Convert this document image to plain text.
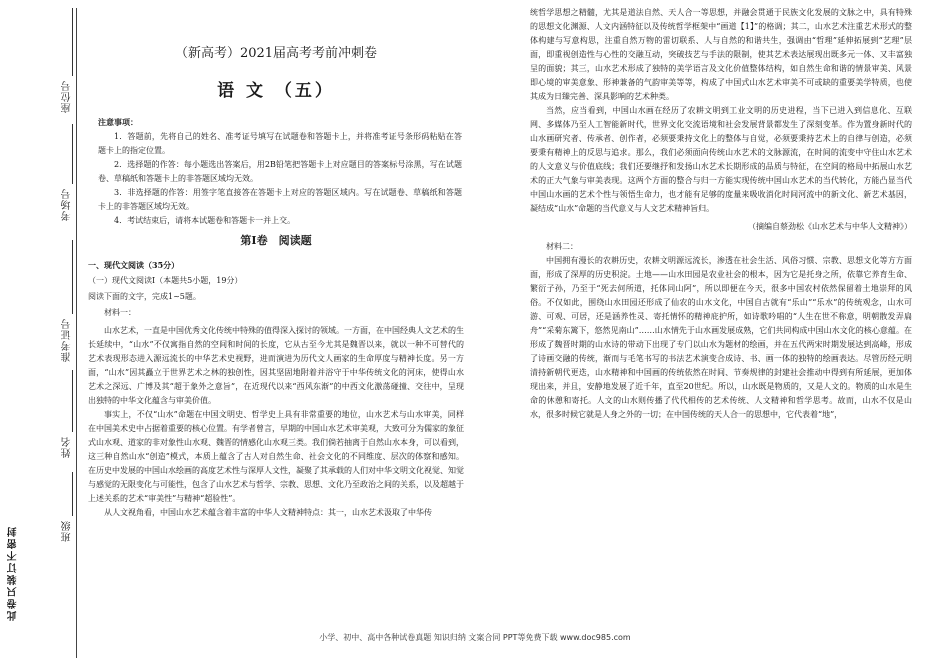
座位号
考场号
准考证号
姓名
班级
此卷只装订不密封
（新高考）2021届高考考前冲刺卷
语 文 （五）
注意事项：

1．答题前，先将自己的姓名、准考证号填写在试题卷和答题卡上，并将准考证号条形码粘贴在答题卡上的指定位置。

2．选择题的作答：每小题选出答案后，用2B铅笔把答题卡上对应题目的答案标号涂黑，写在试题卷、草稿纸和答题卡上的非答题区域均无效。

3．非选择题的作答：用签字笔直接答在答题卡上对应的答题区域内。写在试题卷、草稿纸和答题卡上的非答题区域均无效。

4．考试结束后，请将本试题卷和答题卡一并上交。

第Ⅰ卷　阅读题
一、现代文阅读（35分）
（一）现代文阅读Ⅰ（本题共5小题，19分）
阅读下面的文字，完成1~5题。
材料一：

山水艺术，一直是中国优秀文化传统中特殊的值得深入探讨的领域。一方面，在中国经典人文艺术的生长延续中，“山水”不仅寓指自然的空间和时间的长度，它从古至今尤其是魏晋以来，就以一种不可替代的艺术表现形态进入源远流长的中华艺术史视野，进而演进为历代文人画家的生命厚度与精神长度。另一方面，“山水”因其矗立于世界艺术之林的独创性，因其坚固地附着并浴守于中华传统文化的河床，使得山水艺术之深远、广博及其“超于象外之意旨”，在近现代以来“西风东渐”的中西文化激荡碰撞、交往中，呈现出独特的中华文化蕴含与审美价值。

事实上，不仅“山水”命题在中国文明史、哲学史上具有非常重要的地位，山水艺术与山水审美，同样在中国美术史中占据着重要的核心位置。有学者曾言，早期的中国山水艺术审美观，大致可分为儒家的象征式山水观、道家的非对象性山水观、魏晋的情感化山水观三类。我们倘若抽离于自然山水本身，可以看到，这三种自然山水“创造”模式，本质上蕴含了古人对自然生命、社会文化的不同维度、层次的体察和感知。在历史中发展的中国山水绘画的高度艺术性与深厚人文性，凝聚了其承载的人们对中华文明文化视觉、知觉与感觉的无限变化与可能性，包含了山水艺术与哲学、宗教、思想、文化乃至政治之间的关系，以及超越于上述关系的艺术“审美性”与精神“超验性”。

从人文视角看，中国山水艺术蕴含着丰富的中华人文精神特点：其一，山水艺术汲取了中华传

统哲学思想之精髓，尤其是道法自然、天人合一等思想，并融会贯通于民族文化发展的文脉之中，具有特殊的思想文化渊源、人文内涵特征以及传统哲学框架中“画道【1】”的格调；其二，山水艺术注重艺术形式的整体构建与写意构思，注重自然万物的雷切联系、人与自然的和谐共生，强调由“哲理”延伸拓展到“艺理”层面，即重视创造性与心性的交融互动，突破技艺与手法的限制，使其艺术表达展现出既多元一体、又丰富独呈的面貌；其三，山水艺术形成了独特的美学语言及文化价值整体结构，如自然生命和谐的情景审美、风景即心境的审美意象、形神兼备的气韵审美等等，构成了中国式山水艺术审美不可或缺的重要美学特质，也使其成为日臻完善、深具影响的艺术种类。

当然，应当看到，中国山水画在经历了农耕文明到工业文明的历史进程，当下已进入到信息化、互联网、多媒体乃至人工智能新时代，世界文化交流语境和社会发展背景都发生了深刻变革。作为置身新时代的山水画研究者、传承者、创作者，必须要秉持文化上的整体与自觉，必须要秉持艺术上的自律与创造，必须要秉有精神上的反思与追求。那么，我们必须面向传统山水艺术的文脉源流，在时间的流变中守住山水艺术的人文意义与价值底线；我们还要继抒和发扬山水艺术长期形成的品质与特征，在空间的格局中拓展山水艺术的正大气象与审美表现。这两个方面的整合与归一方能实现传统中国山水艺术的当代转化，方能凸显当代中国山水画的艺术个性与领悟生命力，也才能有足够的度量来吸收消化时间河流中的新文化、新艺术基因，凝结成“山水”命题的当代意义与人文艺术精神旨归。

（摘编自蔡劲松《山水艺术与中华人文精神》）

材料二：

中国拥有漫长的农耕历史，农耕文明源远流长，渗透在社会生活、风俗习惯、宗教、思想文化等方方面面，形成了深厚的历史积淀。土地——山水田园是农业社会的根本，因为它是托身之所，依靠它养育生命、繁衍子孙，乃至于“死去何所道，托体同山阿”，所以即便在今天，很多中国农村依然保留着土地崇拜的风俗。不仅如此，围绕山水田园还形成了仙农的山水文化，中国自古就有“乐山”“乐水”的传统观念，山水可游、可观、可居，还是涵养性灵、寄托情怀的精神庇护所，如诗歌吟唱的“人生在世不称意，明朝散发弄扁舟”“采菊东篱下，悠然见南山”……山水情先于山水画发展成熟，它们共同构成中国山水文化的核心意蕴。在形成了魏晋时期的山水诗的带动下出现了专门以山水为题材的绘画，并在五代两宋时期发展达到高峰，形成了诗画交融的传统，渐而与毛笔书写的书法艺术演变合成诗、书、画一体的独特的绘画表达。尽管历经元明清持新朝代更迭，山水精神和中国画的传统依然在时间、节奏规律的封建社会推动中得到有所延展，更加体现出来，并且，安静地发展了近千年，直至20世纪。所以，山水既是物质的，又是人文的。物质的山水是生命的休憩和寄托。人文的山水则传播了代代相传的艺术传统、人文精神和哲学思考。故而，山水不仅是山水，很多时候它就是人身之外的一切；在中国传统的天人合一的思想中，它代表着“地”，

小学、初中、高中各种试卷真题 知识归纳 文案合同 PPT等免费下载 www.doc985.com
